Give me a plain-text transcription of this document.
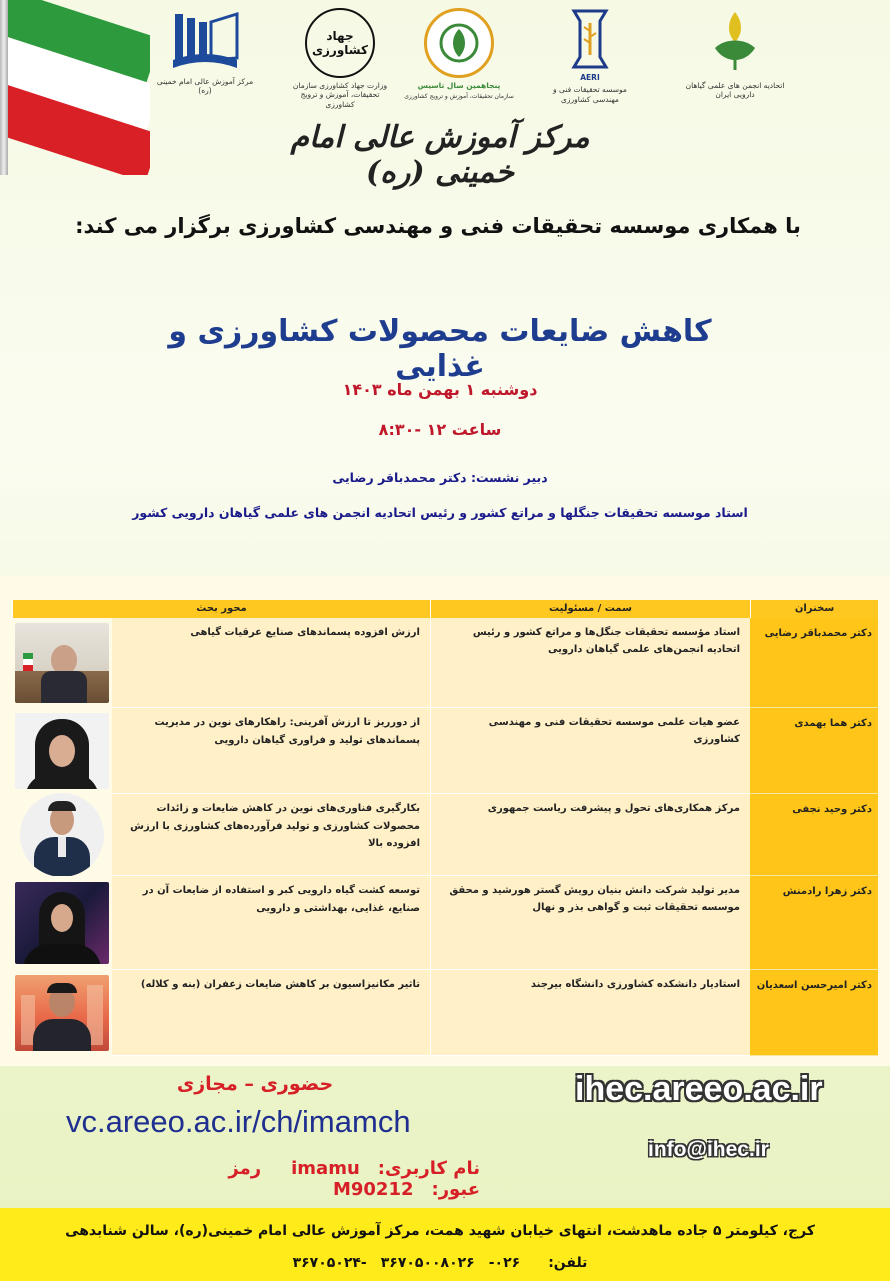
مرکز آموزش عالی امام خمینی (ره)
جهاد کشاورزی
وزارت جهاد کشاورزی سازمان تحقیقات، آموزش و ترویج کشاورزی
پنجاهمین سال تاسیس
سازمان تحقیقات، آموزش و ترویج کشاورزی
AERI
موسسه تحقیقات فنی و
مهندسی کشاورزی
اتحادیه انجمن های علمی گیاهان دارویی ایران
مرکز آموزش عالی امام خمینی (ره)
با همکاری موسسه تحقیقات فنی و مهندسی کشاورزی برگزار می کند:
کاهش ضایعات محصولات کشاورزی و غذایی
دوشنبه ۱ بهمن ماه ۱۴۰۳
ساعت ۱۲ -۸:۳۰
دبیر نشست: دکتر محمدباقر رضایی
استاد موسسه تحقیقات جنگلها و مراتع کشور و رئیس اتحادیه انجمن های علمی گیاهان دارویی کشور
سخنران
سمت / مسئولیت
محور بحث
دکتر محمدباقر رضایی
استاد مؤسسه تحقیقات جنگل‌ها و مراتع کشور و رئیس اتحادیه انجمن‌های علمی گیاهان دارویی
ارزش افزوده پسماندهای صنایع عرقیات گیاهی
دکتر هما بهمدی
عضو هیات علمی موسسه تحقیقات فنی و مهندسی کشاورزی
از دورریز تا ارزش آفرینی: راهکارهای نوین در مدیریت پسماندهای تولید و فراوری گیاهان دارویی
دکتر وحید نجفی
مرکز همکاری‌های تحول و پیشرفت ریاست جمهوری
بکارگیری فناوری‌های نوین در کاهش ضایعات و زائدات محصولات کشاورزی و تولید فرآورده‌های کشاورزی با ارزش افزوده بالا
دکتر زهرا رادمنش
مدیر تولید شرکت دانش بنیان رویش گستر هورشید و محقق موسسه تحقیقات ثبت و گواهی بذر و نهال
توسعه کشت گیاه دارویی کبر و استفاده از ضایعات آن در صنایع، غذایی، بهداشتی و دارویی
دکتر امیرحسن اسعدیان
استادیار دانشکده کشاورزی دانشگاه بیرجند
تاثیر مکانیزاسیون بر کاهش ضایعات زعفران (بنه و کلاله)
حضوری – مجازی
vc.areeo.ac.ir/ch/imamch
نام کاربری:imamuرمز عبور:M90212
ihec.areeo.ac.ir
info@ihec.ir
کرج، کیلومتر ۵ جاده ماهدشت، انتهای خیابان شهید همت، مرکز آموزش عالی امام خمینی(ره)، سالن شنابدهی
تلفن:۰۲۶-۳۶۷۰۵۰۰۸۰۲۶-۳۶۷۰۵۰۲۴
